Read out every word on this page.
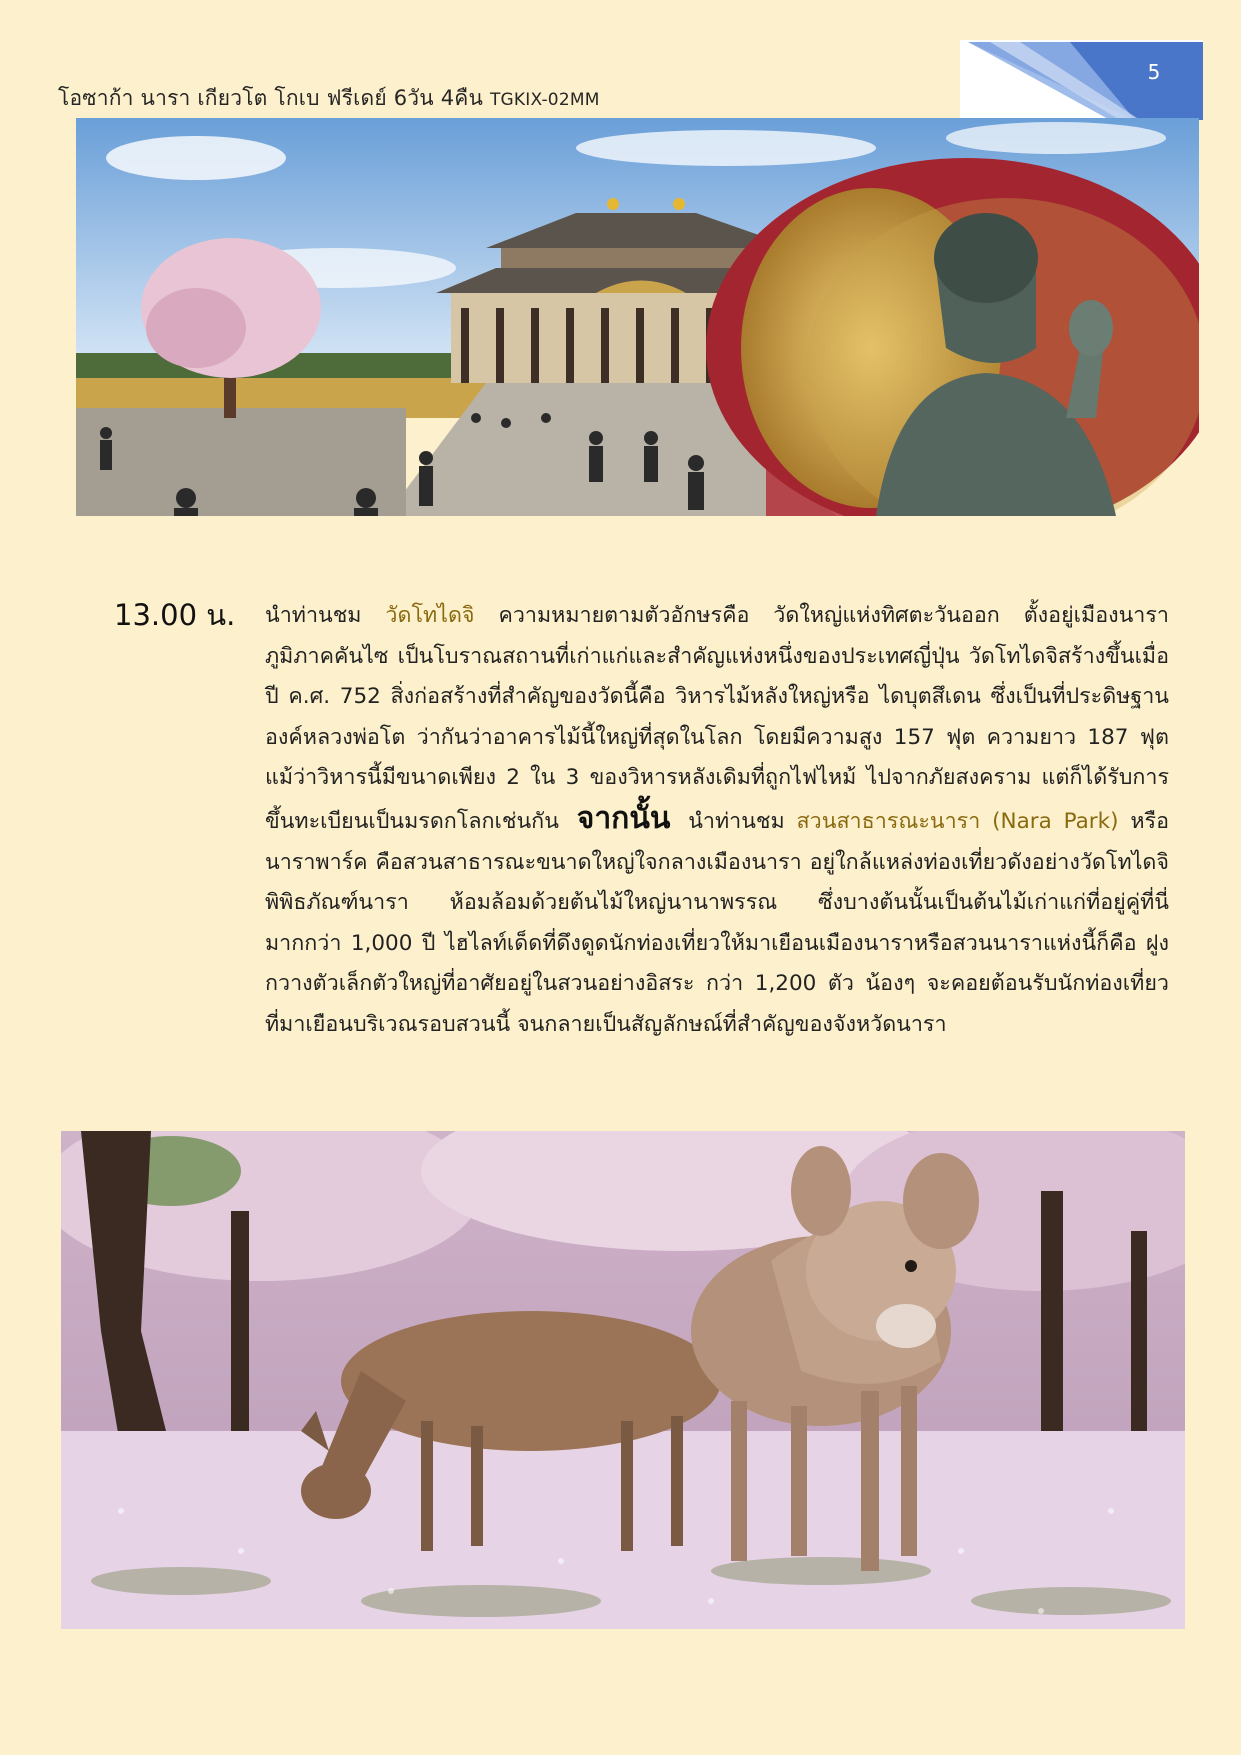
โอซาก้า นารา เกียวโต โกเบ ฟรีเดย์ 6วัน 4คืน TGKIX-02MM
5
13.00 น. นำท่านชม วัดโทไดจิ ความหมายตามตัวอักษรคือ วัดใหญ่แห่งทิศตะวันออก ตั้งอยู่เมืองนารา ภูมิภาคคันไซ เป็นโบราณสถานที่เก่าแก่และสำคัญแห่งหนึ่งของประเทศญี่ปุ่น วัดโทไดจิสร้างขึ้นเมื่อปี ค.ศ. 752 สิ่งก่อสร้างที่สำคัญของวัดนี้คือ วิหารไม้หลังใหญ่หรือ ไดบุตสึเดน ซึ่งเป็นที่ประดิษฐานองค์หลวงพ่อโต ว่ากันว่าอาคารไม้นี้ใหญ่ที่สุดในโลก โดยมีความสูง 157 ฟุต ความยาว 187 ฟุต แม้ว่าวิหารนี้มีขนาดเพียง 2 ใน 3 ของวิหารหลังเดิมที่ถูกไฟไหม้ ไปจากภัยสงคราม แต่ก็ได้รับการขึ้นทะเบียนเป็นมรดกโลกเช่นกัน จากนั้น นำท่านชม สวนสาธารณะนารา (Nara Park) หรือ นาราพาร์ค คือสวนสาธารณะขนาดใหญ่ใจกลางเมืองนารา อยู่ใกล้แหล่งท่องเที่ยวดังอย่างวัดโทไดจิ พิพิธภัณฑ์นารา ห้อมล้อมด้วยต้นไม้ใหญ่นานาพรรณ ซึ่งบางต้นนั้นเป็นต้นไม้เก่าแก่ที่อยู่คู่ที่นี่มากกว่า 1,000 ปี ไฮไลท์เด็ดที่ดึงดูดนักท่องเที่ยวให้มาเยือนเมืองนาราหรือสวนนาราแห่งนี้ก็คือ ฝูงกวางตัวเล็กตัวใหญ่ที่อาศัยอยู่ในสวนอย่างอิสระ กว่า 1,200 ตัว น้องๆ จะคอยต้อนรับนักท่องเที่ยวที่มาเยือนบริเวณรอบสวนนี้ จนกลายเป็นสัญลักษณ์ที่สำคัญของจังหวัดนารา
